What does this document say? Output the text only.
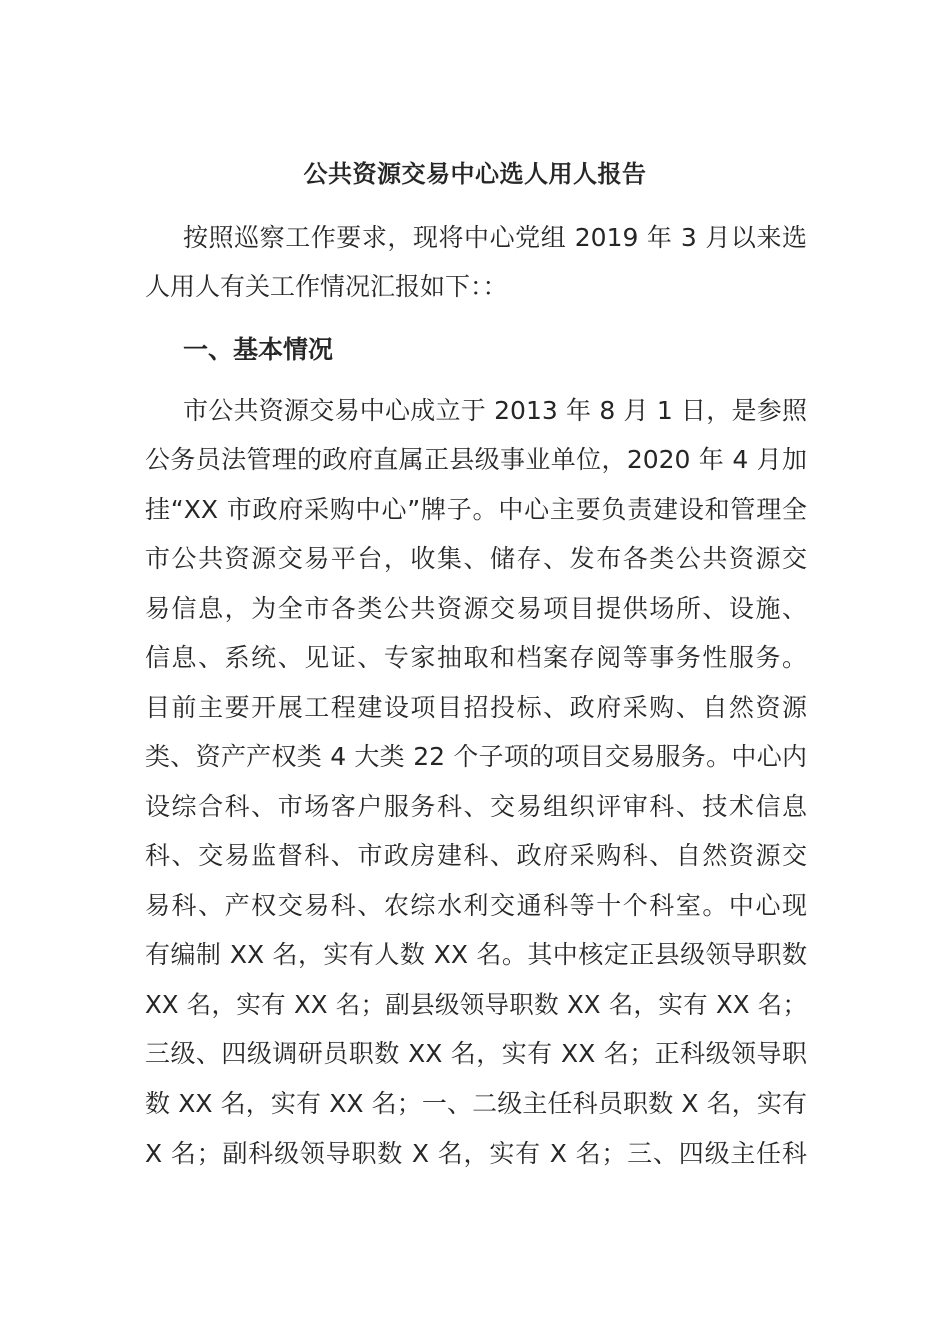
公共资源交易中心选人用人报告
按照巡察工作要求，现将中心党组 2019 年 3 月以来选
人用人有关工作情况汇报如下：：
一、基本情况
市公共资源交易中心成立于 2013 年 8 月 1 日，是参照
公务员法管理的政府直属正县级事业单位，2020 年 4 月加
挂“XX 市政府采购中心”牌子。中心主要负责建设和管理全
市公共资源交易平台，收集、储存、发布各类公共资源交
易信息，为全市各类公共资源交易项目提供场所、设施、
信息、系统、见证、专家抽取和档案存阅等事务性服务。
目前主要开展工程建设项目招投标、政府采购、自然资源
类、资产产权类 4 大类 22 个子项的项目交易服务。中心内
设综合科、市场客户服务科、交易组织评审科、技术信息
科、交易监督科、市政房建科、政府采购科、自然资源交
易科、产权交易科、农综水利交通科等十个科室。中心现
有编制 XX 名，实有人数 XX 名。其中核定正县级领导职数
XX 名，实有 XX 名；副县级领导职数 XX 名，实有 XX 名；
三级、四级调研员职数 XX 名，实有 XX 名；正科级领导职
数 XX 名，实有 XX 名；一、二级主任科员职数 X 名，实有
X 名；副科级领导职数 X 名，实有 X 名；三、四级主任科
